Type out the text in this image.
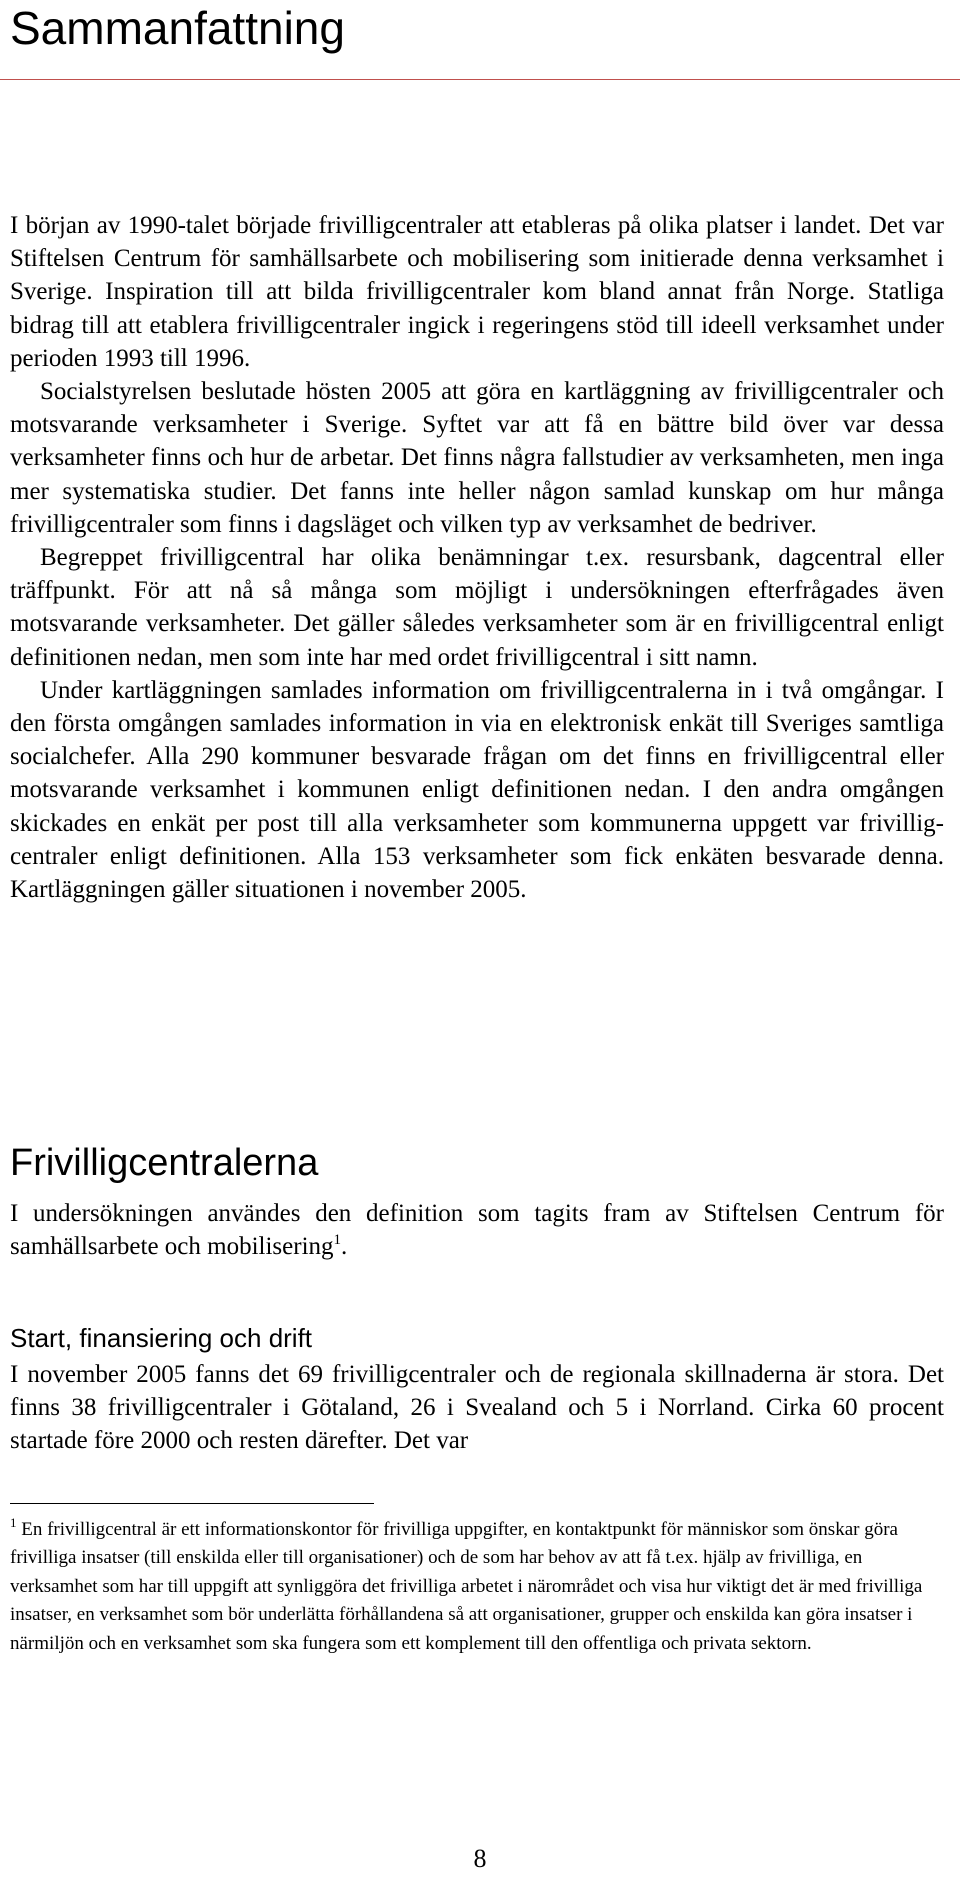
Sammanfattning

I början av 1990-talet började frivilligcentraler att etableras på olika platser i landet. Det var Stiftelsen Centrum för samhällsarbete och mobilisering som initierade denna verksamhet i Sverige. Inspiration till att bilda frivilligcentraler kom bland annat från Norge. Statliga bidrag till att etablera frivilligcentraler ingick i regeringens stöd till ideell verksamhet under perioden 1993 till 1996.

Socialstyrelsen beslutade hösten 2005 att göra en kartläggning av frivilligcentraler och motsvarande verksamheter i Sverige. Syftet var att få en bättre bild över var dessa verksamheter finns och hur de arbetar. Det finns några fallstudier av verksamheten, men inga mer systematiska studier. Det fanns inte heller någon samlad kunskap om hur många frivilligcentraler som finns i dagsläget och vilken typ av verksamhet de bedriver.

Begreppet frivilligcentral har olika benämningar t.ex. resursbank, dagcentral eller träffpunkt. För att nå så många som möjligt i undersökningen efterfrågades även motsvarande verksamheter. Det gäller således verksamheter som är en frivilligcentral enligt definitionen nedan, men som inte har med ordet frivilligcentral i sitt namn.

Under kartläggningen samlades information om frivilligcentralerna in i två omgångar. I den första omgången samlades information in via en elektronisk enkät till Sveriges samtliga socialchefer. Alla 290 kommuner besvarade frågan om det finns en frivilligcentral eller motsvarande verksamhet i kommunen enligt definitionen nedan. I den andra omgången skickades en enkät per post till alla verksamheter som kommunerna uppgett var frivilligcentraler enligt definitionen. Alla 153 verksamheter som fick enkäten besvarade denna. Kartläggningen gäller situationen i november 2005.

Frivilligcentralerna

I undersökningen användes den definition som tagits fram av Stiftelsen Centrum för samhällsarbete och mobilisering$^1$.

Start, finansiering och drift

I november 2005 fanns det 69 frivilligcentraler och de regionala skillnaderna är stora. Det finns 38 frivilligcentraler i Götaland, 26 i Svealand och 5 i Norrland. Cirka 60 procent startade före 2000 och resten därefter. Det var

$^1$ En frivilligcentral är ett informationskontor för frivilliga uppgifter, en kontaktpunkt för människor som önskar göra frivilliga insatser (till enskilda eller till organisationer) och de som har behov av att få t.ex. hjälp av frivilliga, en verksamhet som har till uppgift att synliggöra det frivilliga arbetet i närområdet och visa hur viktigt det är med frivilliga insatser, en verksamhet som bör underlätta förhållandena så att organisationer, grupper och enskilda kan göra insatser i närmiljön och en verksamhet som ska fungera som ett komplement till den offentliga och privata sektorn.

8
